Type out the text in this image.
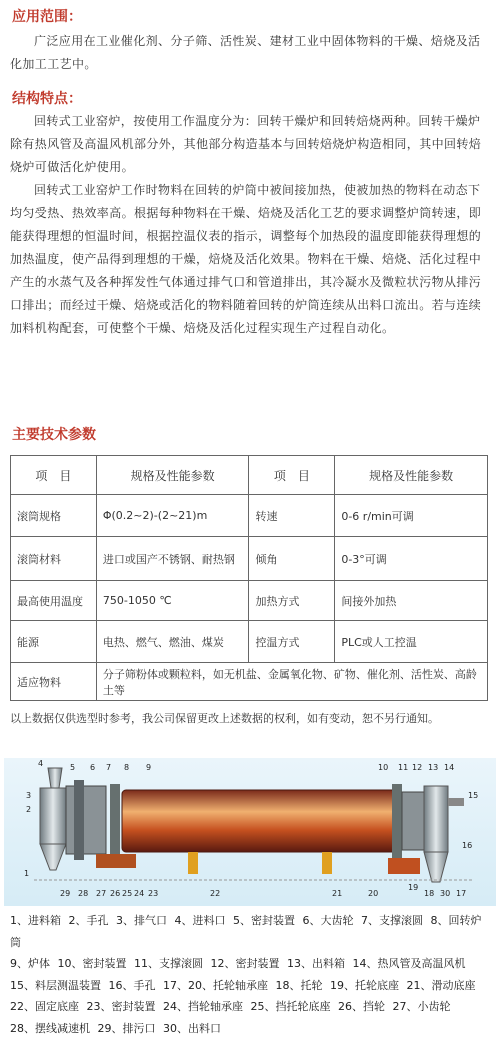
应用范围：

广泛应用在工业催化剂、分子筛、活性炭、建材工业中固体物料的干燥、焙烧及活化加工工艺中。

结构特点：

回转式工业窑炉，按使用工作温度分为：回转干燥炉和回转焙烧两种。回转干燥炉除有热风管及高温风机部分外，其他部分构造基本与回转焙烧炉构造相同，其中回转焙烧炉可做活化炉使用。

回转式工业窑炉工作时物料在回转的炉筒中被间接加热，使被加热的物料在动态下均匀受热、热效率高。根据每种物料在干燥、焙烧及活化工艺的要求调整炉筒转速，即能获得理想的恒温时间，根据控温仪表的指示，调整每个加热段的温度即能获得理想的加热温度，使产品得到理想的干燥，焙烧及活化效果。物料在干燥、焙烧、活化过程中产生的水蒸气及各种挥发性气体通过排气口和管道排出，其冷凝水及微粒状污物从排污口排出；而经过干燥、焙烧或活化的物料随着回转的炉筒连续从出料口流出。若与连续加料机构配套，可使整个干燥、焙烧及活化过程实现生产过程自动化。

主要技术参数
项　目	规格及性能参数	项　目	规格及性能参数
滚筒规格	Φ(0.2~2)-(2~21)m	转速	0-6 r/min可调
滚筒材料	进口或国产不锈钢、耐热钢	倾角	0-3°可调
最高使用温度	750-1050 ℃	加热方式	间接外加热
能源	电热、燃气、燃油、煤炭	控温方式	PLC或人工控温
适应物料	分子筛粉体或颗粒料，如无机盐、金属氧化物、矿物、催化剂、活性炭、高龄土等		
以上数据仅供选型时参考，我公司保留更改上述数据的权利，如有变动，恕不另行通知。
4	5 6 7 8 9
3
2
1
29 28 27 26 25 24 23	22	21	20
19
18 30 17
16
15
10 11 12 13 14
1、进料箱 2、手孔 3、排气口 4、进料口 5、密封装置 6、大齿轮 7、支撑滚圆 8、回转炉筒
9、炉体 10、密封装置 11、支撑滚圆 12、密封装置 13、出料箱 14、热风管及高温风机
15、料层测温装置 16、手孔 17、20、托轮轴承座 18、托轮 19、托轮底座 21、滑动底座
22、固定底座 23、密封装置 24、挡轮轴承座 25、挡托轮底座 26、挡轮 27、小齿轮
28、摆线减速机 29、排污口 30、出料口
